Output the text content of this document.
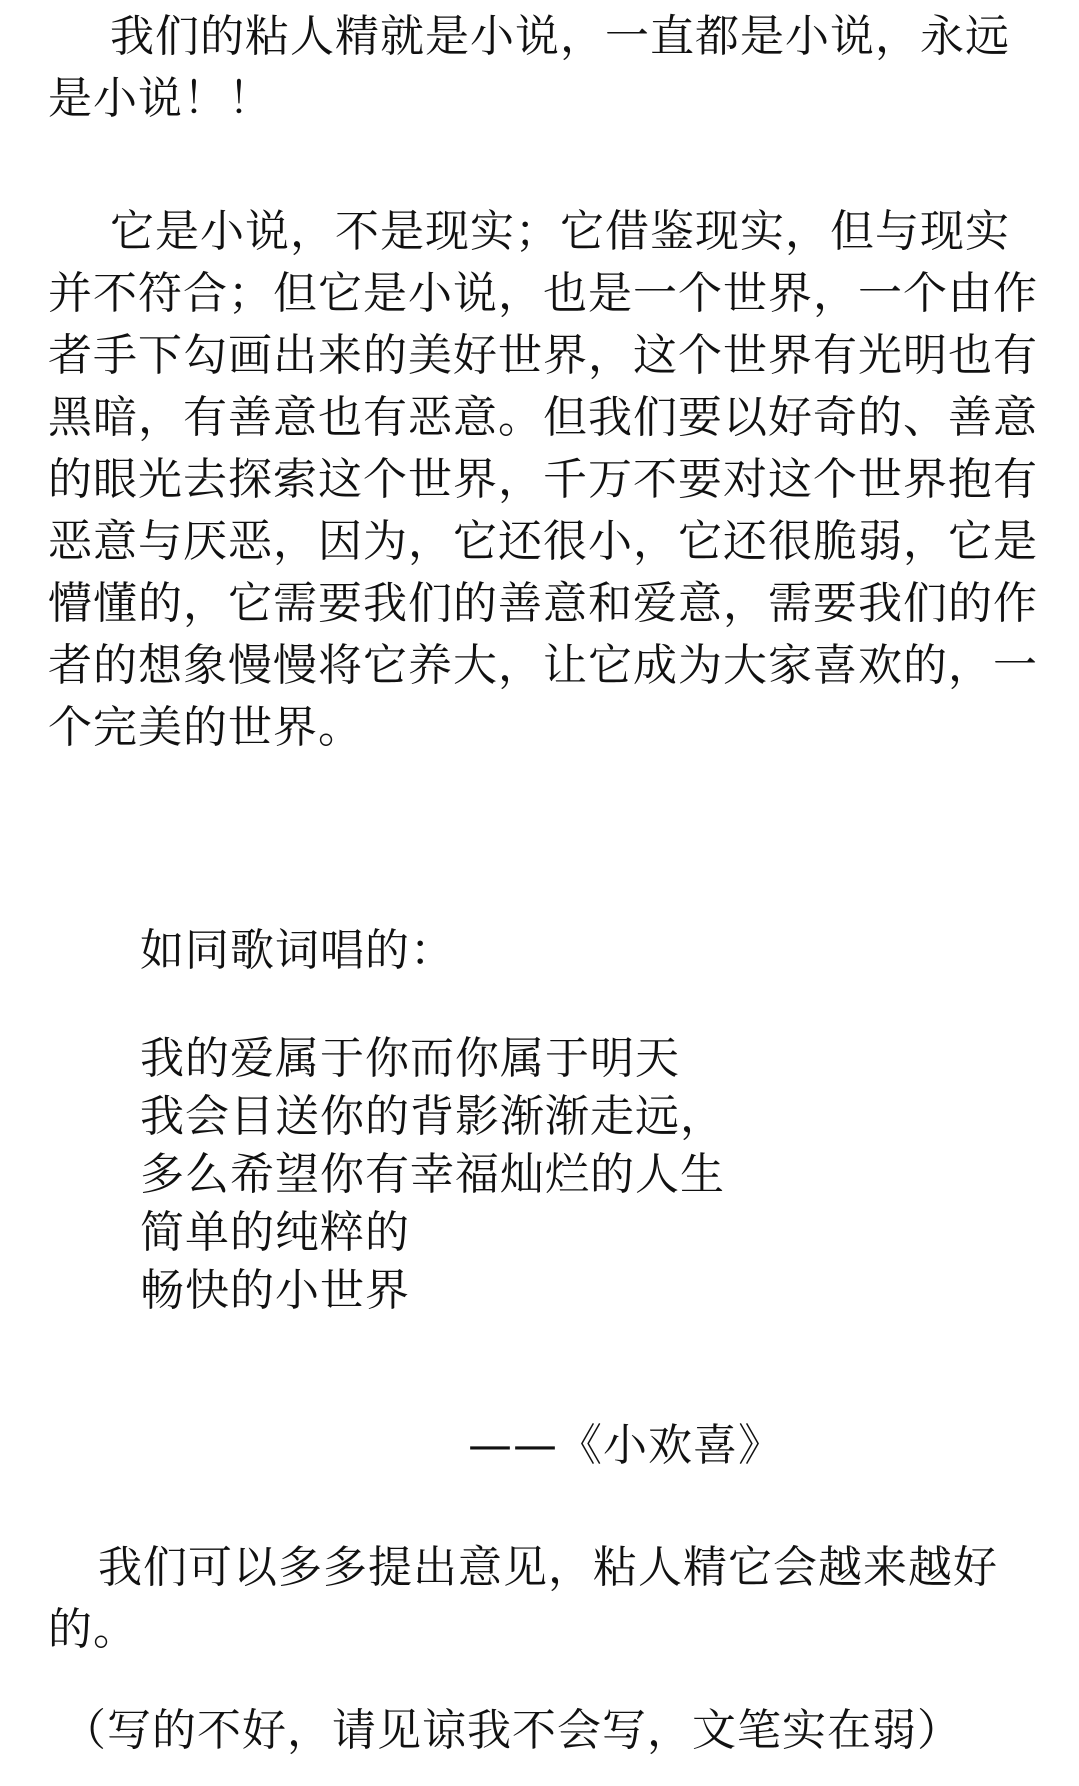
我们的粘人精就是小说，一直都是小说，永远是小说！！

它是小说，不是现实；它借鉴现实，但与现实并不符合；但它是小说，也是一个世界，一个由作者手下勾画出来的美好世界，这个世界有光明也有黑暗，有善意也有恶意。但我们要以好奇的、善意的眼光去探索这个世界，千万不要对这个世界抱有恶意与厌恶，因为，它还很小，它还很脆弱，它是懵懂的，它需要我们的善意和爱意，需要我们的作者的想象慢慢将它养大，让它成为大家喜欢的，一个完美的世界。

如同歌词唱的：

我的爱属于你而你属于明天
我会目送你的背影渐渐走远，
多么希望你有幸福灿烂的人生
简单的纯粹的
畅快的小世界
——《小欢喜》

我们可以多多提出意见，粘人精它会越来越好的。

（写的不好，请见谅我不会写，文笔实在弱）
